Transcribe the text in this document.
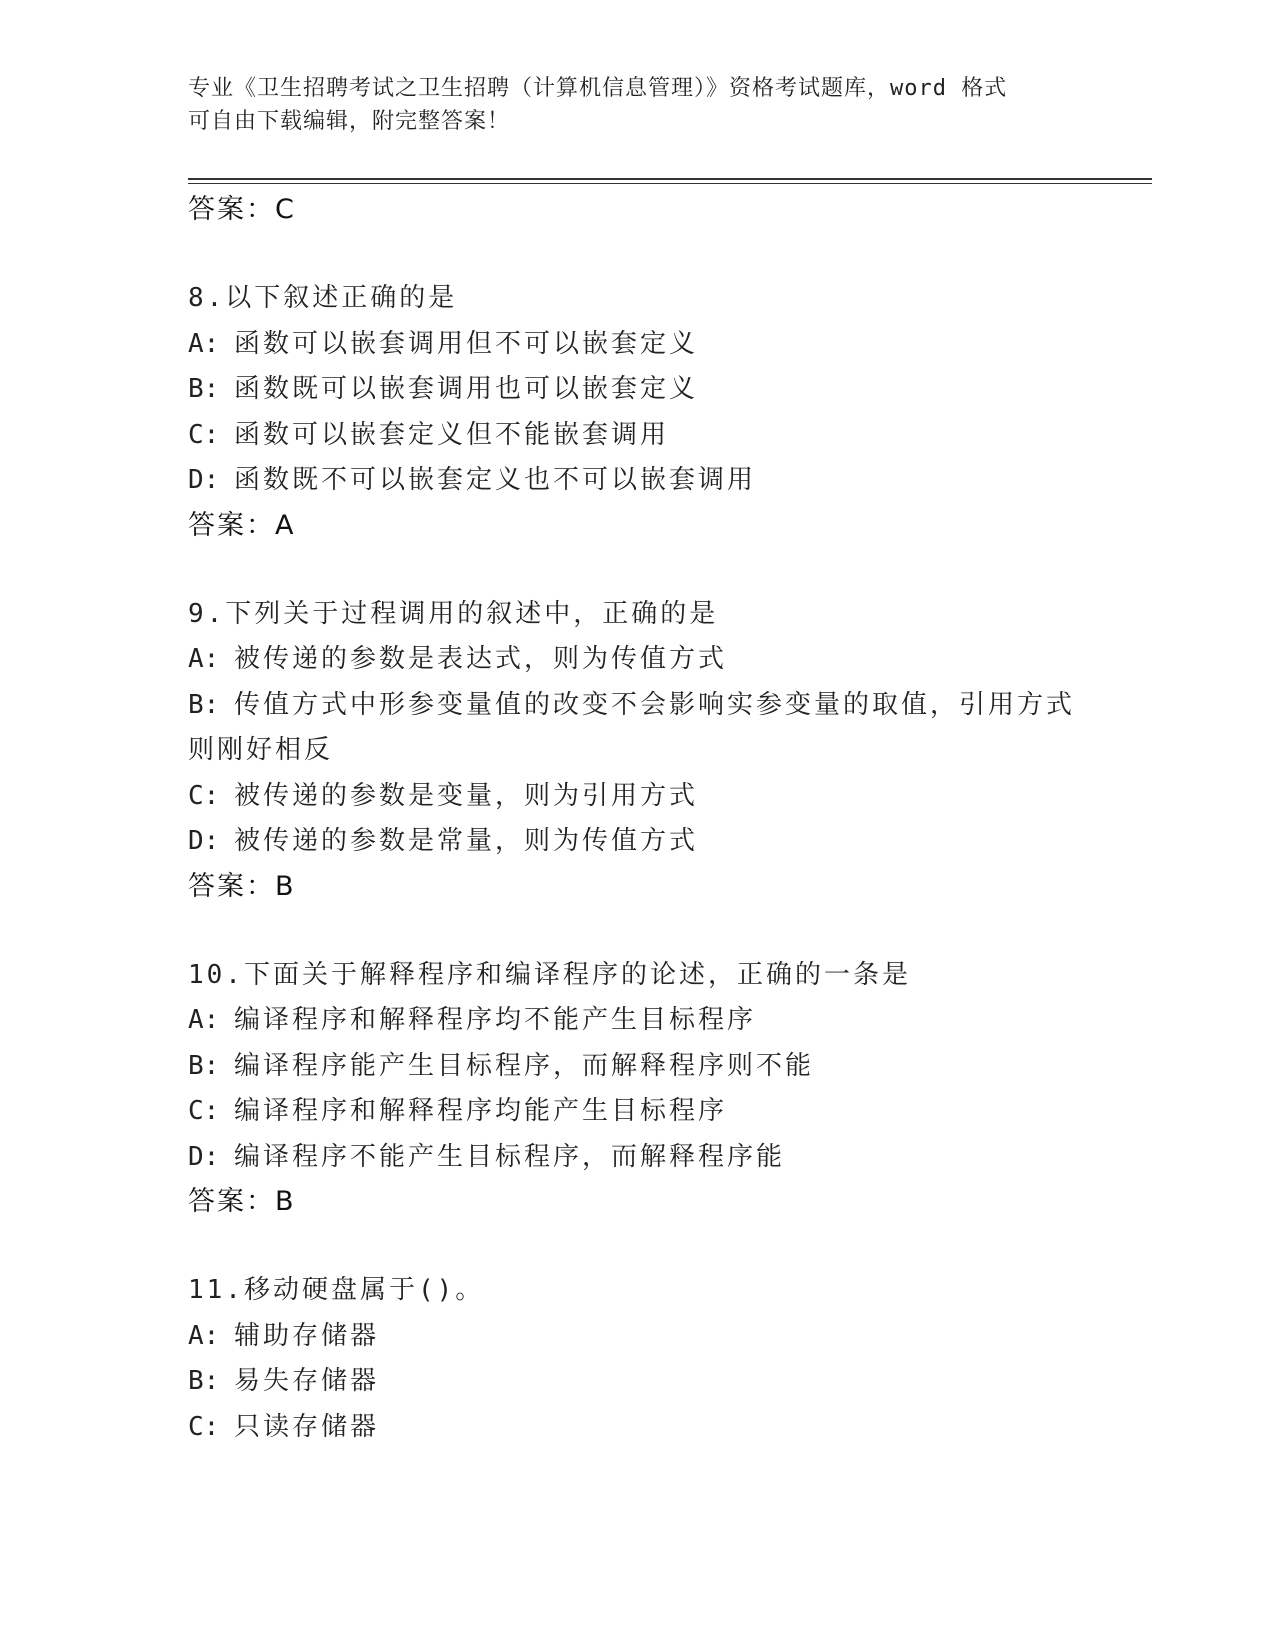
专业《卫生招聘考试之卫生招聘（计算机信息管理）》资格考试题库，word 格式
可自由下载编辑，附完整答案！
答案：C
8.以下叙述正确的是
A: 函数可以嵌套调用但不可以嵌套定义
B: 函数既可以嵌套调用也可以嵌套定义
C: 函数可以嵌套定义但不能嵌套调用
D: 函数既不可以嵌套定义也不可以嵌套调用
答案：A
9.下列关于过程调用的叙述中，正确的是
A: 被传递的参数是表达式，则为传值方式
B: 传值方式中形参变量值的改变不会影响实参变量的取值，引用方式
则刚好相反
C: 被传递的参数是变量，则为引用方式
D: 被传递的参数是常量，则为传值方式
答案：B
10.下面关于解释程序和编译程序的论述，正确的一条是
A: 编译程序和解释程序均不能产生目标程序
B: 编译程序能产生目标程序，而解释程序则不能
C: 编译程序和解释程序均能产生目标程序
D: 编译程序不能产生目标程序，而解释程序能
答案：B
11.移动硬盘属于()。
A: 辅助存储器
B: 易失存储器
C: 只读存储器
